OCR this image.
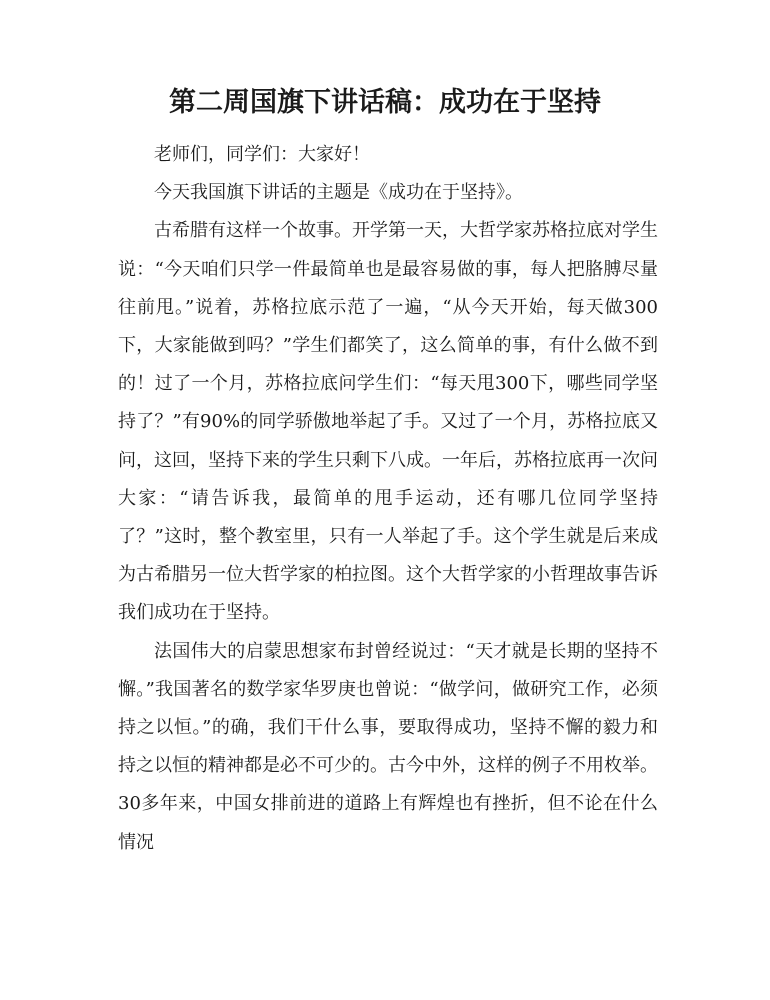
第二周国旗下讲话稿：成功在于坚持

老师们，同学们：大家好！

今天我国旗下讲话的主题是《成功在于坚持》。

古希腊有这样一个故事。开学第一天，大哲学家苏格拉底对学生说：“今天咱们只学一件最简单也是最容易做的事，每人把胳膊尽量往前甩。”说着，苏格拉底示范了一遍，“从今天开始，每天做300下，大家能做到吗？”学生们都笑了，这么简单的事，有什么做不到的！过了一个月，苏格拉底问学生们：“每天甩300下，哪些同学坚持了？”有90%的同学骄傲地举起了手。又过了一个月，苏格拉底又问，这回，坚持下来的学生只剩下八成。一年后，苏格拉底再一次问大家：“请告诉我，最简单的甩手运动，还有哪几位同学坚持了？”这时，整个教室里，只有一人举起了手。这个学生就是后来成为古希腊另一位大哲学家的柏拉图。这个大哲学家的小哲理故事告诉我们成功在于坚持。

法国伟大的启蒙思想家布封曾经说过：“天才就是长期的坚持不懈。”我国著名的数学家华罗庚也曾说：“做学问，做研究工作，必须持之以恒。”的确，我们干什么事，要取得成功，坚持不懈的毅力和持之以恒的精神都是必不可少的。古今中外，这样的例子不用枚举。30多年来，中国女排前进的道路上有辉煌也有挫折，但不论在什么情况
